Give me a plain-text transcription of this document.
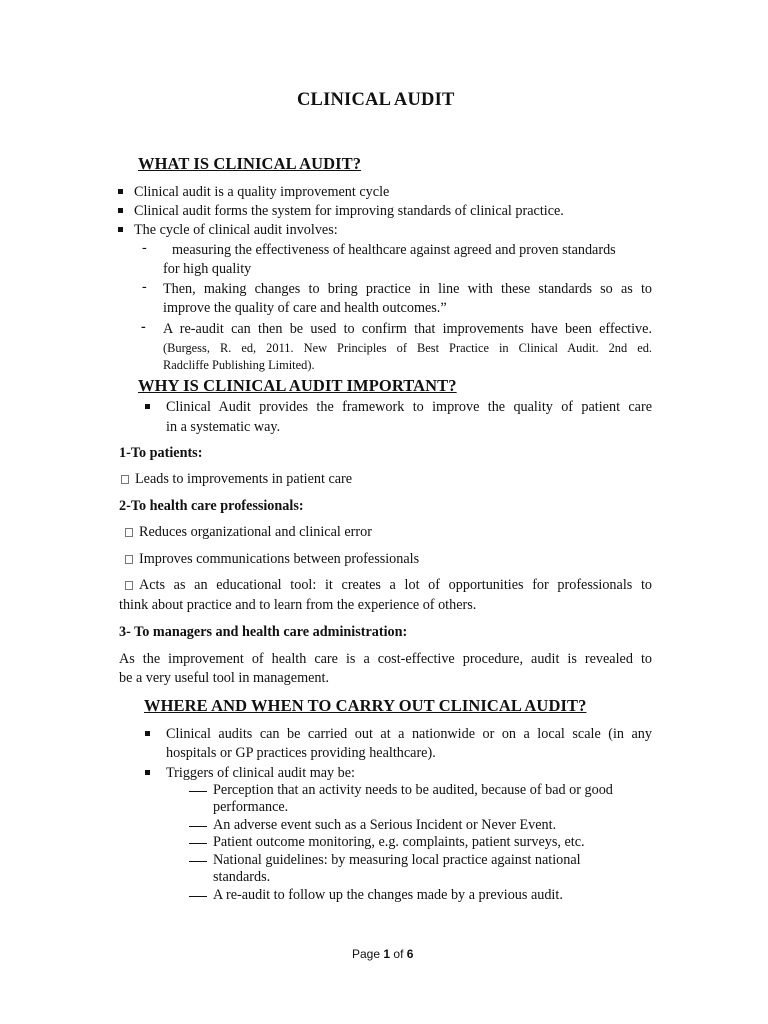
CLINICAL AUDIT
WHAT IS CLINICAL AUDIT?
Clinical audit is a quality improvement cycle
Clinical audit forms the system for improving standards of clinical practice.
The cycle of clinical audit involves:
- measuring the effectiveness of healthcare against agreed and proven standards
for high quality
- Then, making changes to bring practice in line with these standards so as to
improve the quality of care and health outcomes.”
- A re-audit can then be used to confirm that improvements have been effective.
(Burgess, R. ed, 2011. New Principles of Best Practice in Clinical Audit. 2nd ed.
Radcliffe Publishing Limited).
WHY IS CLINICAL AUDIT IMPORTANT?
Clinical Audit provides the framework to improve the quality of patient care
in a systematic way.
1-To patients:
Leads to improvements in patient care
2-To health care professionals:
Reduces organizational and clinical error
Improves communications between professionals
Acts as an educational tool: it creates a lot of opportunities for professionals to
think about practice and to learn from the experience of others.
3- To managers and health care administration:
As the improvement of health care is a cost-effective procedure, audit is revealed to
be a very useful tool in management.
WHERE AND WHEN TO CARRY OUT CLINICAL AUDIT?
Clinical audits can be carried out at a nationwide or on a local scale (in any
hospitals or GP practices providing healthcare).
Triggers of clinical audit may be:
Perception that an activity needs to be audited, because of bad or good
performance.
An adverse event such as a Serious Incident or Never Event.
Patient outcome monitoring, e.g. complaints, patient surveys, etc.
National guidelines: by measuring local practice against national
standards.
A re-audit to follow up the changes made by a previous audit.
Page 1 of 6
